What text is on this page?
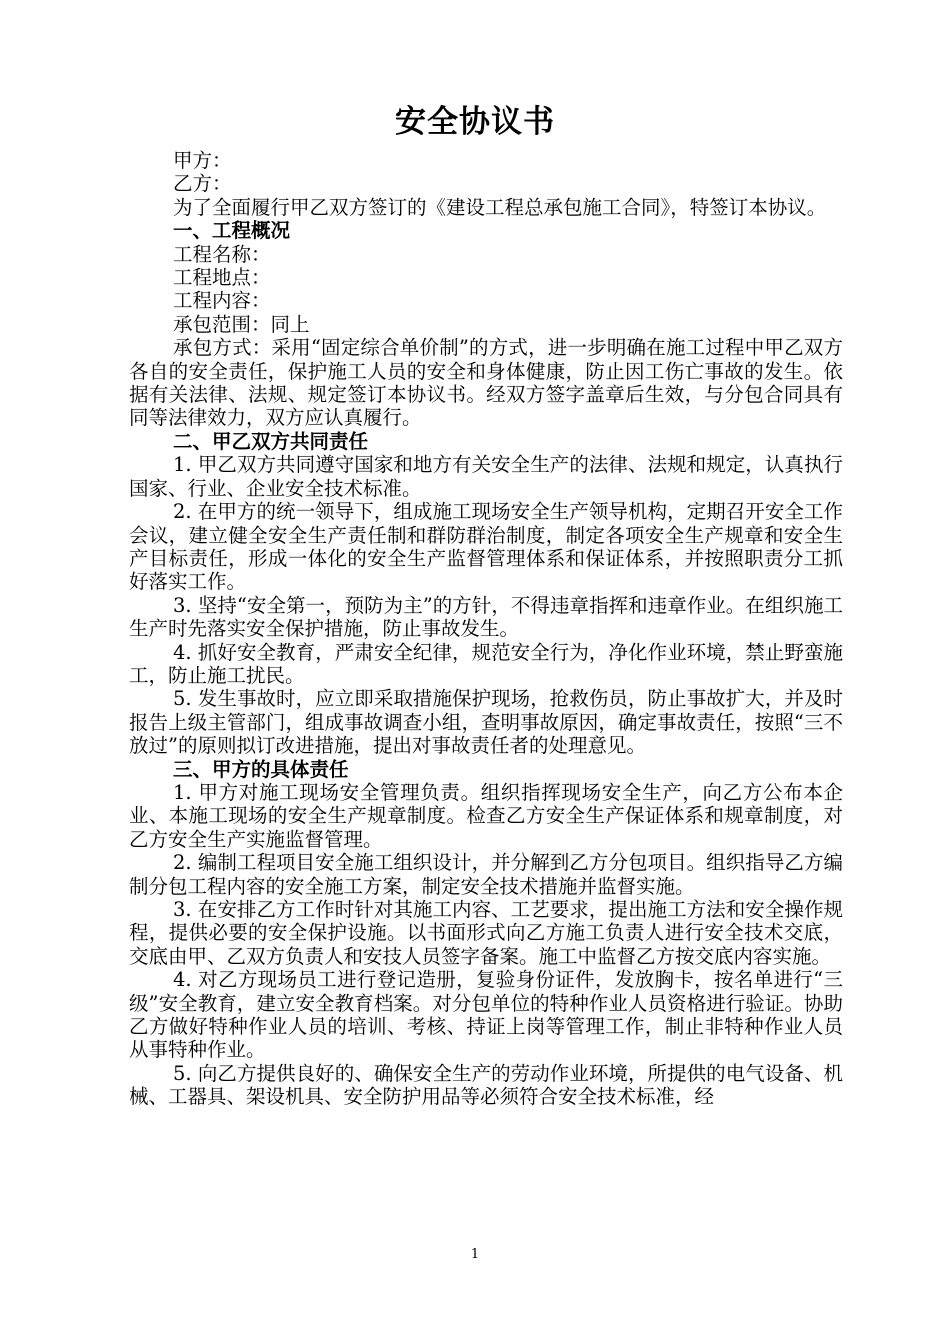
安全协议书

甲方：

乙方：

为了全面履行甲乙双方签订的《建设工程总承包施工合同》，特签订本协议。

一、工程概况

工程名称：

工程地点：

工程内容：

承包范围：同上

承包方式：采用“固定综合单价制”的方式，进一步明确在施工过程中甲乙双方各自的安全责任，保护施工人员的安全和身体健康，防止因工伤亡事故的发生。依据有关法律、法规、规定签订本协议书。经双方签字盖章后生效，与分包合同具有同等法律效力，双方应认真履行。

二、甲乙双方共同责任

1. 甲乙双方共同遵守国家和地方有关安全生产的法律、法规和规定，认真执行国家、行业、企业安全技术标准。

2. 在甲方的统一领导下，组成施工现场安全生产领导机构，定期召开安全工作会议，建立健全安全生产责任制和群防群治制度，制定各项安全生产规章和安全生产目标责任，形成一体化的安全生产监督管理体系和保证体系，并按照职责分工抓好落实工作。

3. 坚持“安全第一，预防为主”的方针，不得违章指挥和违章作业。在组织施工生产时先落实安全保护措施，防止事故发生。

4. 抓好安全教育，严肃安全纪律，规范安全行为，净化作业环境，禁止野蛮施工，防止施工扰民。

5. 发生事故时，应立即采取措施保护现场，抢救伤员，防止事故扩大，并及时报告上级主管部门，组成事故调查小组，查明事故原因，确定事故责任，按照“三不放过”的原则拟订改进措施，提出对事故责任者的处理意见。

三、甲方的具体责任

1. 甲方对施工现场安全管理负责。组织指挥现场安全生产，向乙方公布本企业、本施工现场的安全生产规章制度。检查乙方安全生产保证体系和规章制度，对乙方安全生产实施监督管理。

2. 编制工程项目安全施工组织设计，并分解到乙方分包项目。组织指导乙方编制分包工程内容的安全施工方案，制定安全技术措施并监督实施。

3. 在安排乙方工作时针对其施工内容、工艺要求，提出施工方法和安全操作规程，提供必要的安全保护设施。以书面形式向乙方施工负责人进行安全技术交底，交底由甲、乙双方负责人和安技人员签字备案。施工中监督乙方按交底内容实施。

4. 对乙方现场员工进行登记造册，复验身份证件，发放胸卡，按名单进行“三级”安全教育，建立安全教育档案。对分包单位的特种作业人员资格进行验证。协助乙方做好特种作业人员的培训、考核、持证上岗等管理工作，制止非特种作业人员从事特种作业。

5. 向乙方提供良好的、确保安全生产的劳动作业环境，所提供的电气设备、机械、工器具、架设机具、安全防护用品等必须符合安全技术标准，经

1
